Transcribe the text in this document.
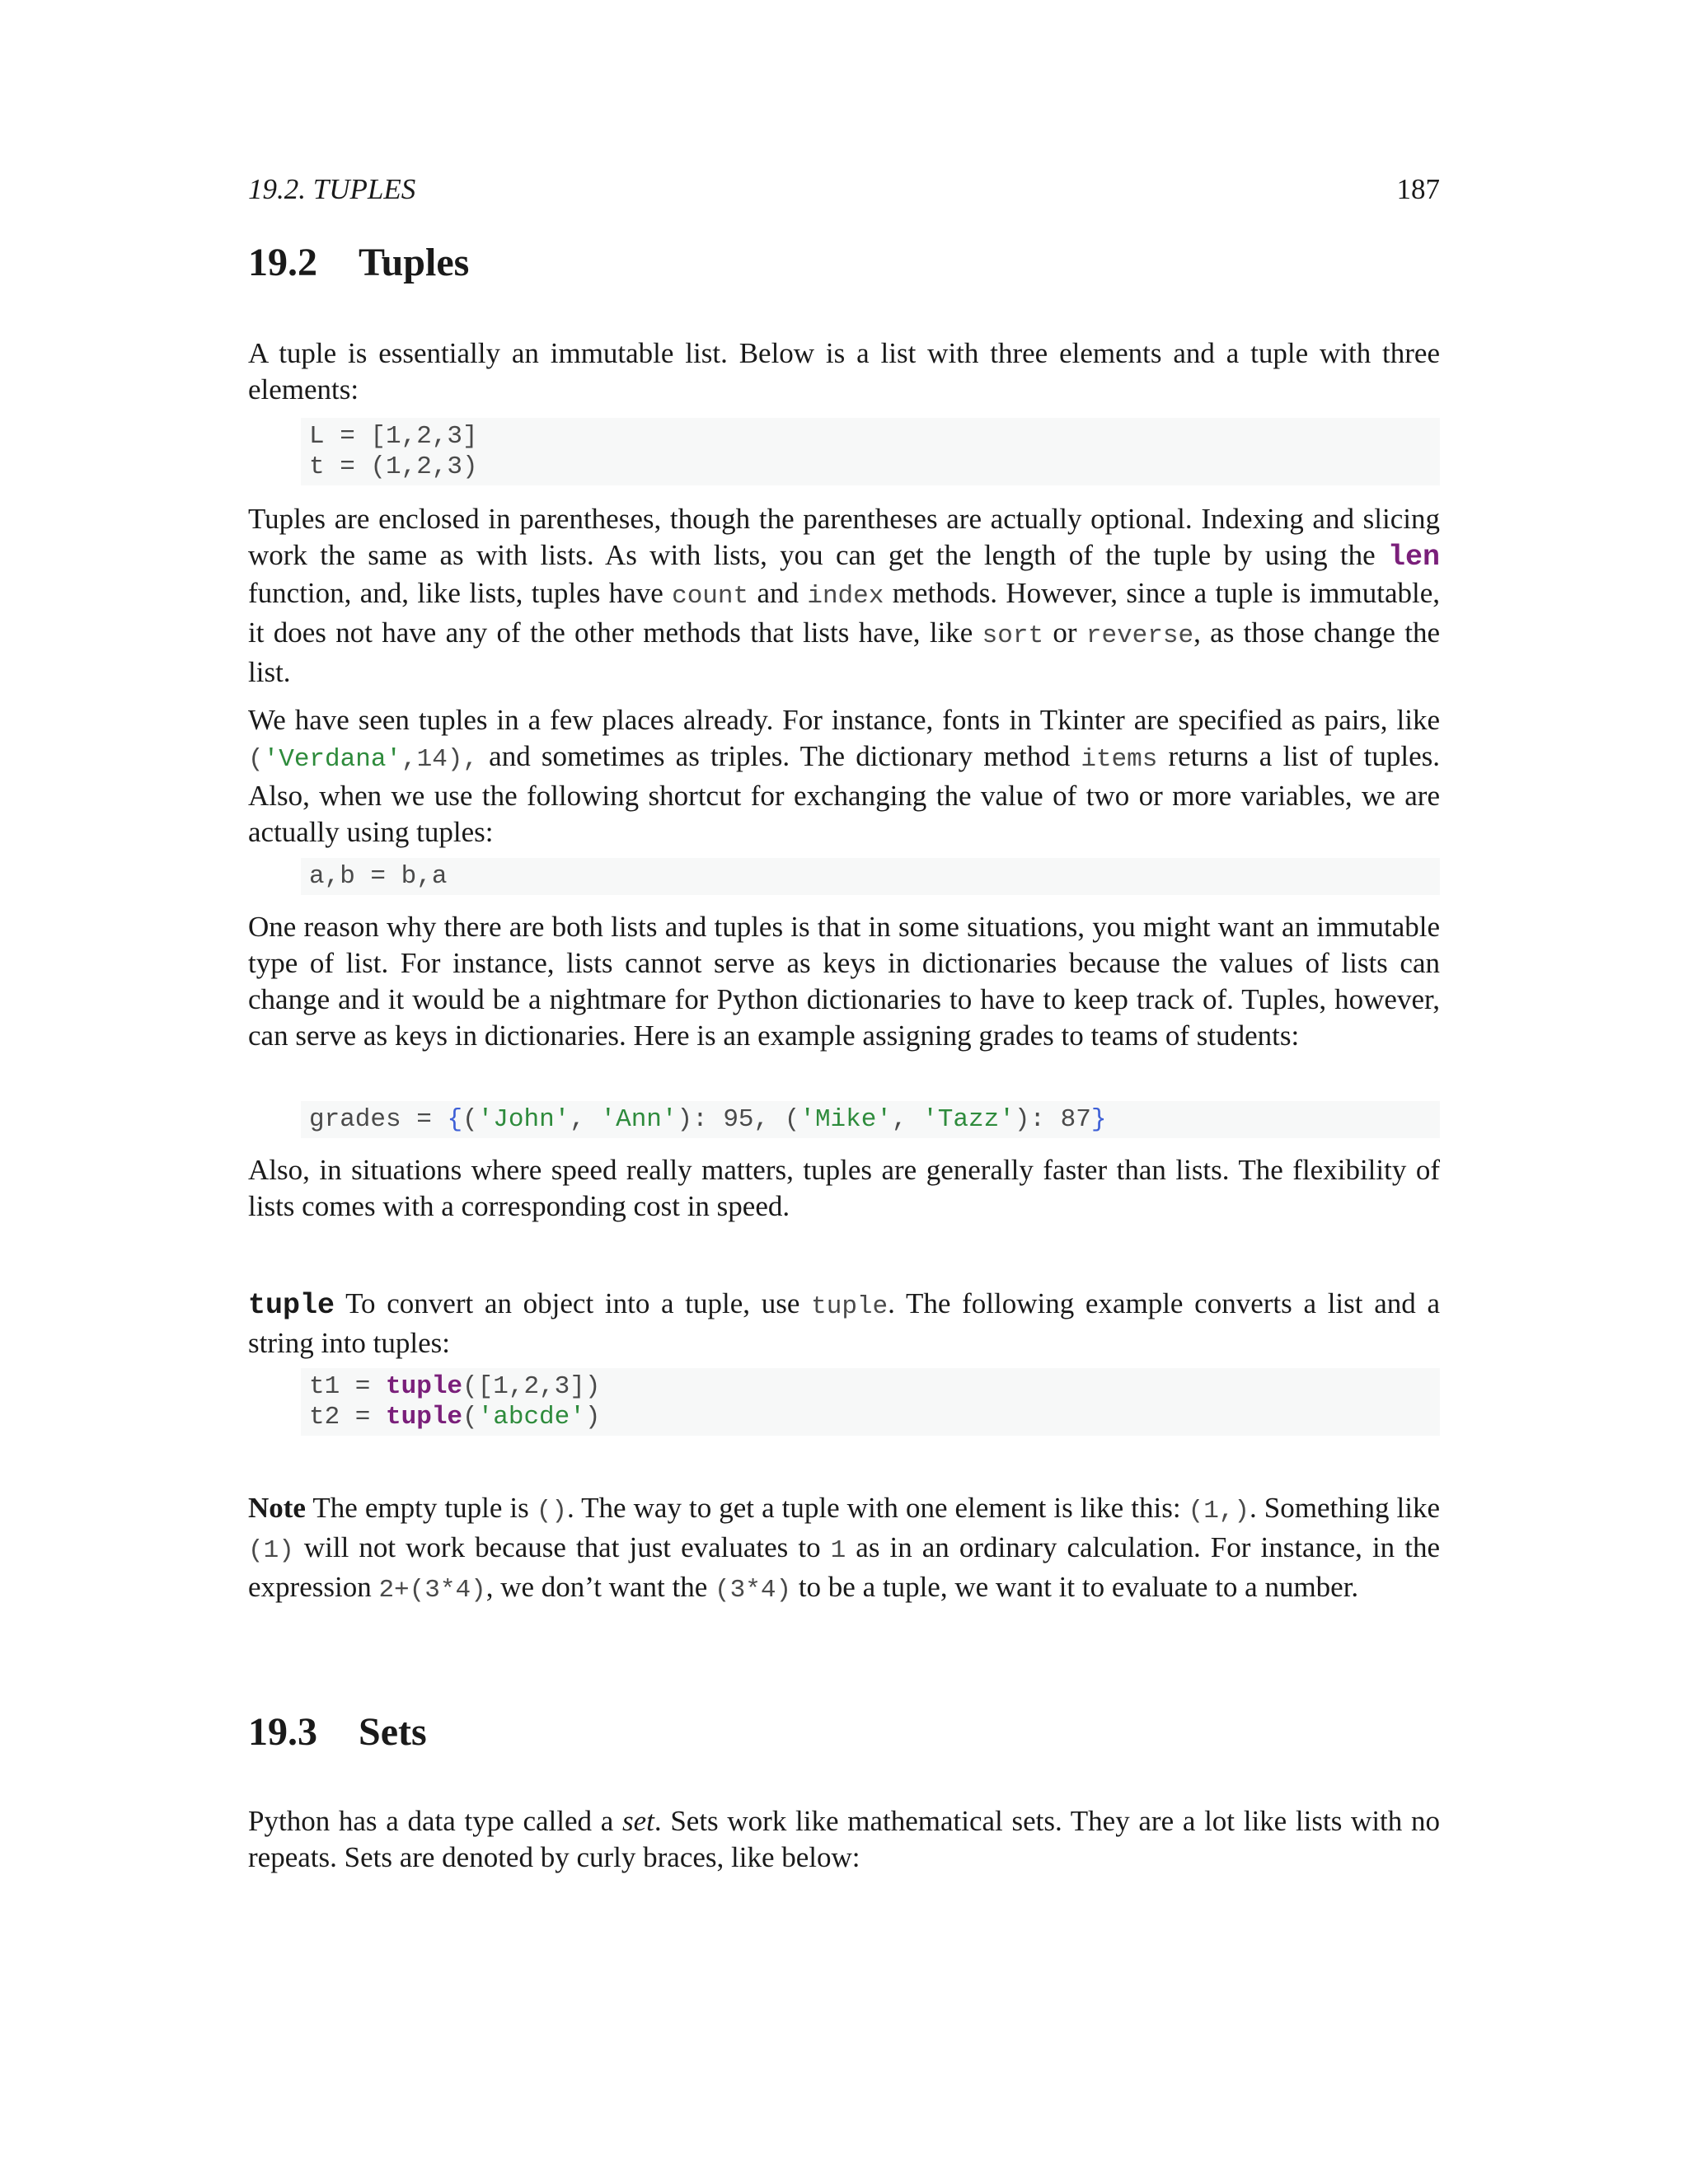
19.2. TUPLES	187
19.2 Tuples

A tuple is essentially an immutable list. Below is a list with three elements and a tuple with three elements:

L = [1,2,3]
t = (1,2,3)

Tuples are enclosed in parentheses, though the parentheses are actually optional. Indexing and slicing work the same as with lists. As with lists, you can get the length of the tuple by using the len function, and, like lists, tuples have count and index methods. However, since a tuple is immutable, it does not have any of the other methods that lists have, like sort or reverse, as those change the list.

We have seen tuples in a few places already. For instance, fonts in Tkinter are specified as pairs, like ('Verdana',14), and sometimes as triples. The dictionary method items returns a list of tuples. Also, when we use the following shortcut for exchanging the value of two or more variables, we are actually using tuples:

a,b = b,a

One reason why there are both lists and tuples is that in some situations, you might want an immutable type of list. For instance, lists cannot serve as keys in dictionaries because the values of lists can change and it would be a nightmare for Python dictionaries to have to keep track of. Tuples, however, can serve as keys in dictionaries. Here is an example assigning grades to teams of students:

grades = {('John', 'Ann'): 95, ('Mike', 'Tazz'): 87}

Also, in situations where speed really matters, tuples are generally faster than lists. The flexibility of lists comes with a corresponding cost in speed.

tuple To convert an object into a tuple, use tuple. The following example converts a list and a string into tuples:

t1 = tuple([1,2,3])
t2 = tuple('abcde')

Note The empty tuple is (). The way to get a tuple with one element is like this: (1,). Something like (1) will not work because that just evaluates to 1 as in an ordinary calculation. For instance, in the expression 2+(3*4), we don’t want the (3*4) to be a tuple, we want it to evaluate to a number.

19.3 Sets

Python has a data type called a set. Sets work like mathematical sets. They are a lot like lists with no repeats. Sets are denoted by curly braces, like below:
